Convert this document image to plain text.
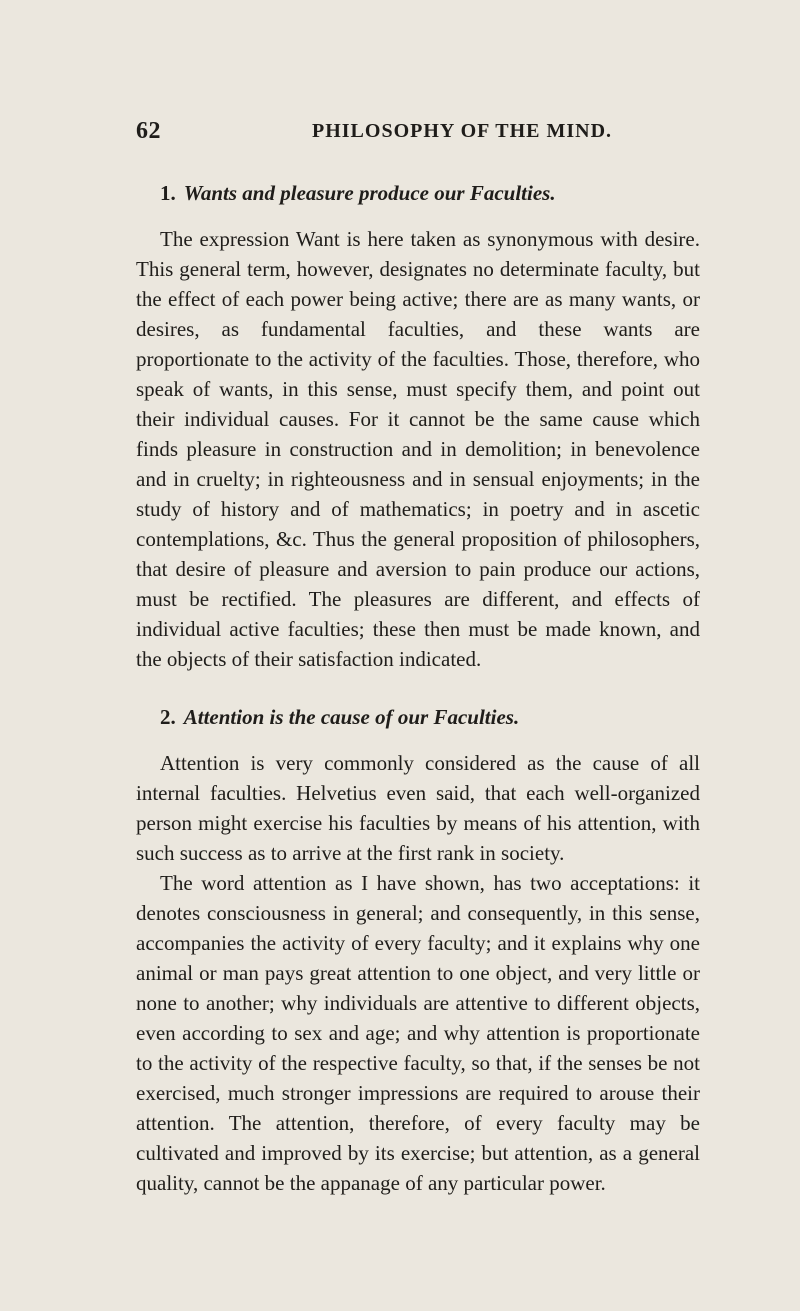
62	PHILOSOPHY OF THE MIND.
1. Wants and pleasure produce our Faculties.

The expression Want is here taken as synonymous with desire. This general term, however, designates no determinate faculty, but the effect of each power being active; there are as many wants, or desires, as fundamental faculties, and these wants are proportionate to the activity of the faculties. Those, therefore, who speak of wants, in this sense, must specify them, and point out their individual causes. For it cannot be the same cause which finds pleasure in construction and in demolition; in benevolence and in cruelty; in righteousness and in sensual enjoyments; in the study of history and of mathematics; in poetry and in ascetic contemplations, &c. Thus the general proposition of philosophers, that desire of pleasure and aversion to pain produce our actions, must be rectified. The pleasures are different, and effects of individual active faculties; these then must be made known, and the objects of their satisfaction indicated.

2. Attention is the cause of our Faculties.

Attention is very commonly considered as the cause of all internal faculties. Helvetius even said, that each well-organized person might exercise his faculties by means of his attention, with such success as to arrive at the first rank in society.

The word attention as I have shown, has two acceptations: it denotes consciousness in general; and consequently, in this sense, accompanies the activity of every faculty; and it explains why one animal or man pays great attention to one object, and very little or none to another; why individuals are attentive to different objects, even according to sex and age; and why attention is proportionate to the activity of the respective faculty, so that, if the senses be not exercised, much stronger impressions are required to arouse their attention. The attention, therefore, of every faculty may be cultivated and improved by its exercise; but attention, as a general quality, cannot be the appanage of any particular power.
